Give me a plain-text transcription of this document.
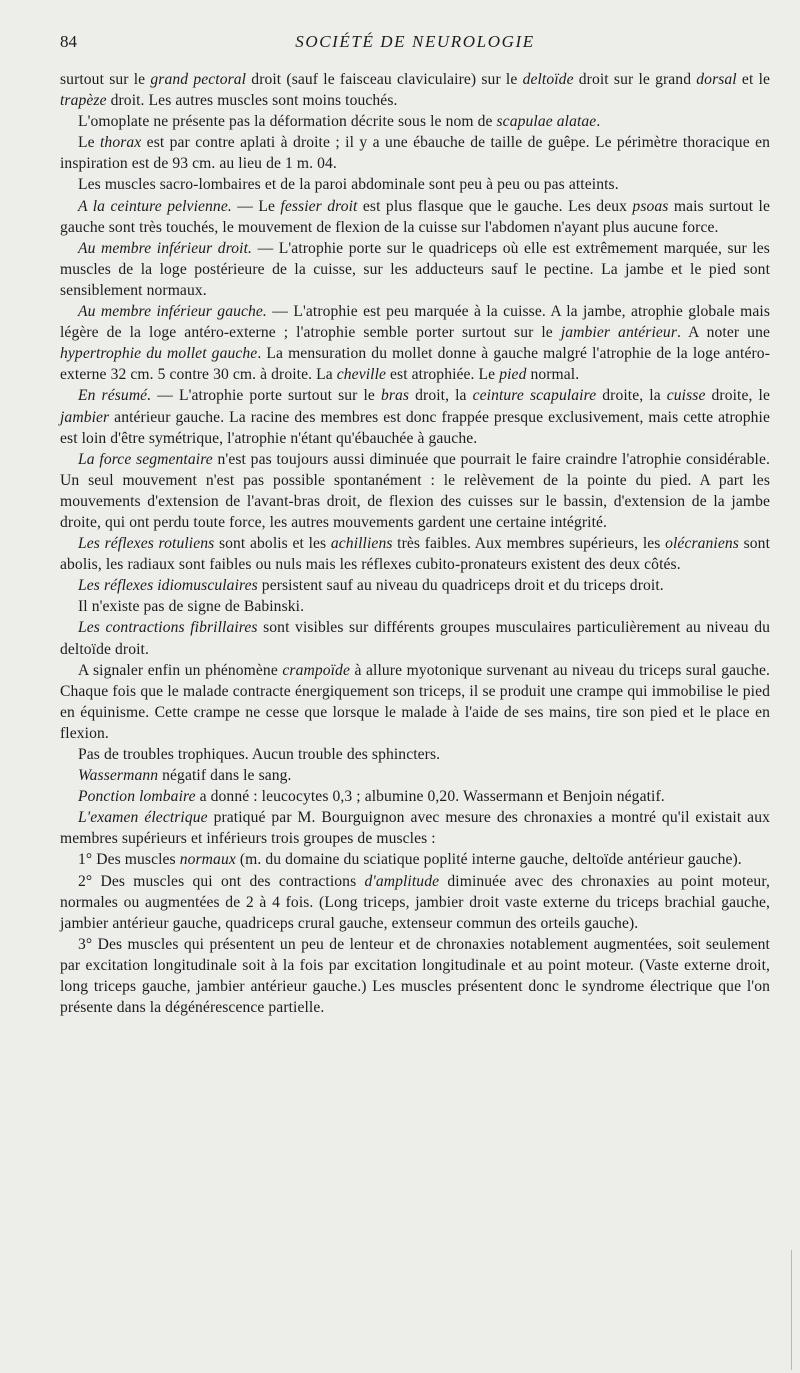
84	SOCIÉTÉ DE NEUROLOGIE

surtout sur le grand pectoral droit (sauf le faisceau claviculaire) sur le deltoïde droit sur le grand dorsal et le trapèze droit. Les autres muscles sont moins touchés.

L'omoplate ne présente pas la déformation décrite sous le nom de scapulae alatae.

Le thorax est par contre aplati à droite ; il y a une ébauche de taille de guêpe. Le périmètre thoracique en inspiration est de 93 cm. au lieu de 1 m. 04.

Les muscles sacro-lombaires et de la paroi abdominale sont peu à peu ou pas atteints.

A la ceinture pelvienne. — Le fessier droit est plus flasque que le gauche. Les deux psoas mais surtout le gauche sont très touchés, le mouvement de flexion de la cuisse sur l'abdomen n'ayant plus aucune force.

Au membre inférieur droit. — L'atrophie porte sur le quadriceps où elle est extrêmement marquée, sur les muscles de la loge postérieure de la cuisse, sur les adducteurs sauf le pectine. La jambe et le pied sont sensiblement normaux.

Au membre inférieur gauche. — L'atrophie est peu marquée à la cuisse. A la jambe, atrophie globale mais légère de la loge antéro-externe ; l'atrophie semble porter surtout sur le jambier antérieur. A noter une hypertrophie du mollet gauche. La mensuration du mollet donne à gauche malgré l'atrophie de la loge antéro-externe 32 cm. 5 contre 30 cm. à droite. La cheville est atrophiée. Le pied normal.

En résumé. — L'atrophie porte surtout sur le bras droit, la ceinture scapulaire droite, la cuisse droite, le jambier antérieur gauche. La racine des membres est donc frappée presque exclusivement, mais cette atrophie est loin d'être symétrique, l'atrophie n'étant qu'ébauchée à gauche.

La force segmentaire n'est pas toujours aussi diminuée que pourrait le faire craindre l'atrophie considérable. Un seul mouvement n'est pas possible spontanément : le relèvement de la pointe du pied. A part les mouvements d'extension de l'avant-bras droit, de flexion des cuisses sur le bassin, d'extension de la jambe droite, qui ont perdu toute force, les autres mouvements gardent une certaine intégrité.

Les réflexes rotuliens sont abolis et les achilliens très faibles. Aux membres supérieurs, les olécraniens sont abolis, les radiaux sont faibles ou nuls mais les réflexes cubito-pronateurs existent des deux côtés.

Les réflexes idiomusculaires persistent sauf au niveau du quadriceps droit et du triceps droit.

Il n'existe pas de signe de Babinski.

Les contractions fibrillaires sont visibles sur différents groupes musculaires particulièrement au niveau du deltoïde droit.

A signaler enfin un phénomène crampoïde à allure myotonique survenant au niveau du triceps sural gauche. Chaque fois que le malade contracte énergiquement son triceps, il se produit une crampe qui immobilise le pied en équinisme. Cette crampe ne cesse que lorsque le malade à l'aide de ses mains, tire son pied et le place en flexion.

Pas de troubles trophiques. Aucun trouble des sphincters.

Wassermann négatif dans le sang.

Ponction lombaire a donné : leucocytes 0,3 ; albumine 0,20. Wassermann et Benjoin négatif.

L'examen électrique pratiqué par M. Bourguignon avec mesure des chronaxies a montré qu'il existait aux membres supérieurs et inférieurs trois groupes de muscles :

1° Des muscles normaux (m. du domaine du sciatique poplité interne gauche, deltoïde antérieur gauche).

2° Des muscles qui ont des contractions d'amplitude diminuée avec des chronaxies au point moteur, normales ou augmentées de 2 à 4 fois. (Long triceps, jambier droit vaste externe du triceps brachial gauche, jambier antérieur gauche, quadriceps crural gauche, extenseur commun des orteils gauche).

3° Des muscles qui présentent un peu de lenteur et de chronaxies notablement augmentées, soit seulement par excitation longitudinale soit à la fois par excitation longitudinale et au point moteur. (Vaste externe droit, long triceps gauche, jambier antérieur gauche.) Les muscles présentent donc le syndrome électrique que l'on présente dans la dégénérescence partielle.
